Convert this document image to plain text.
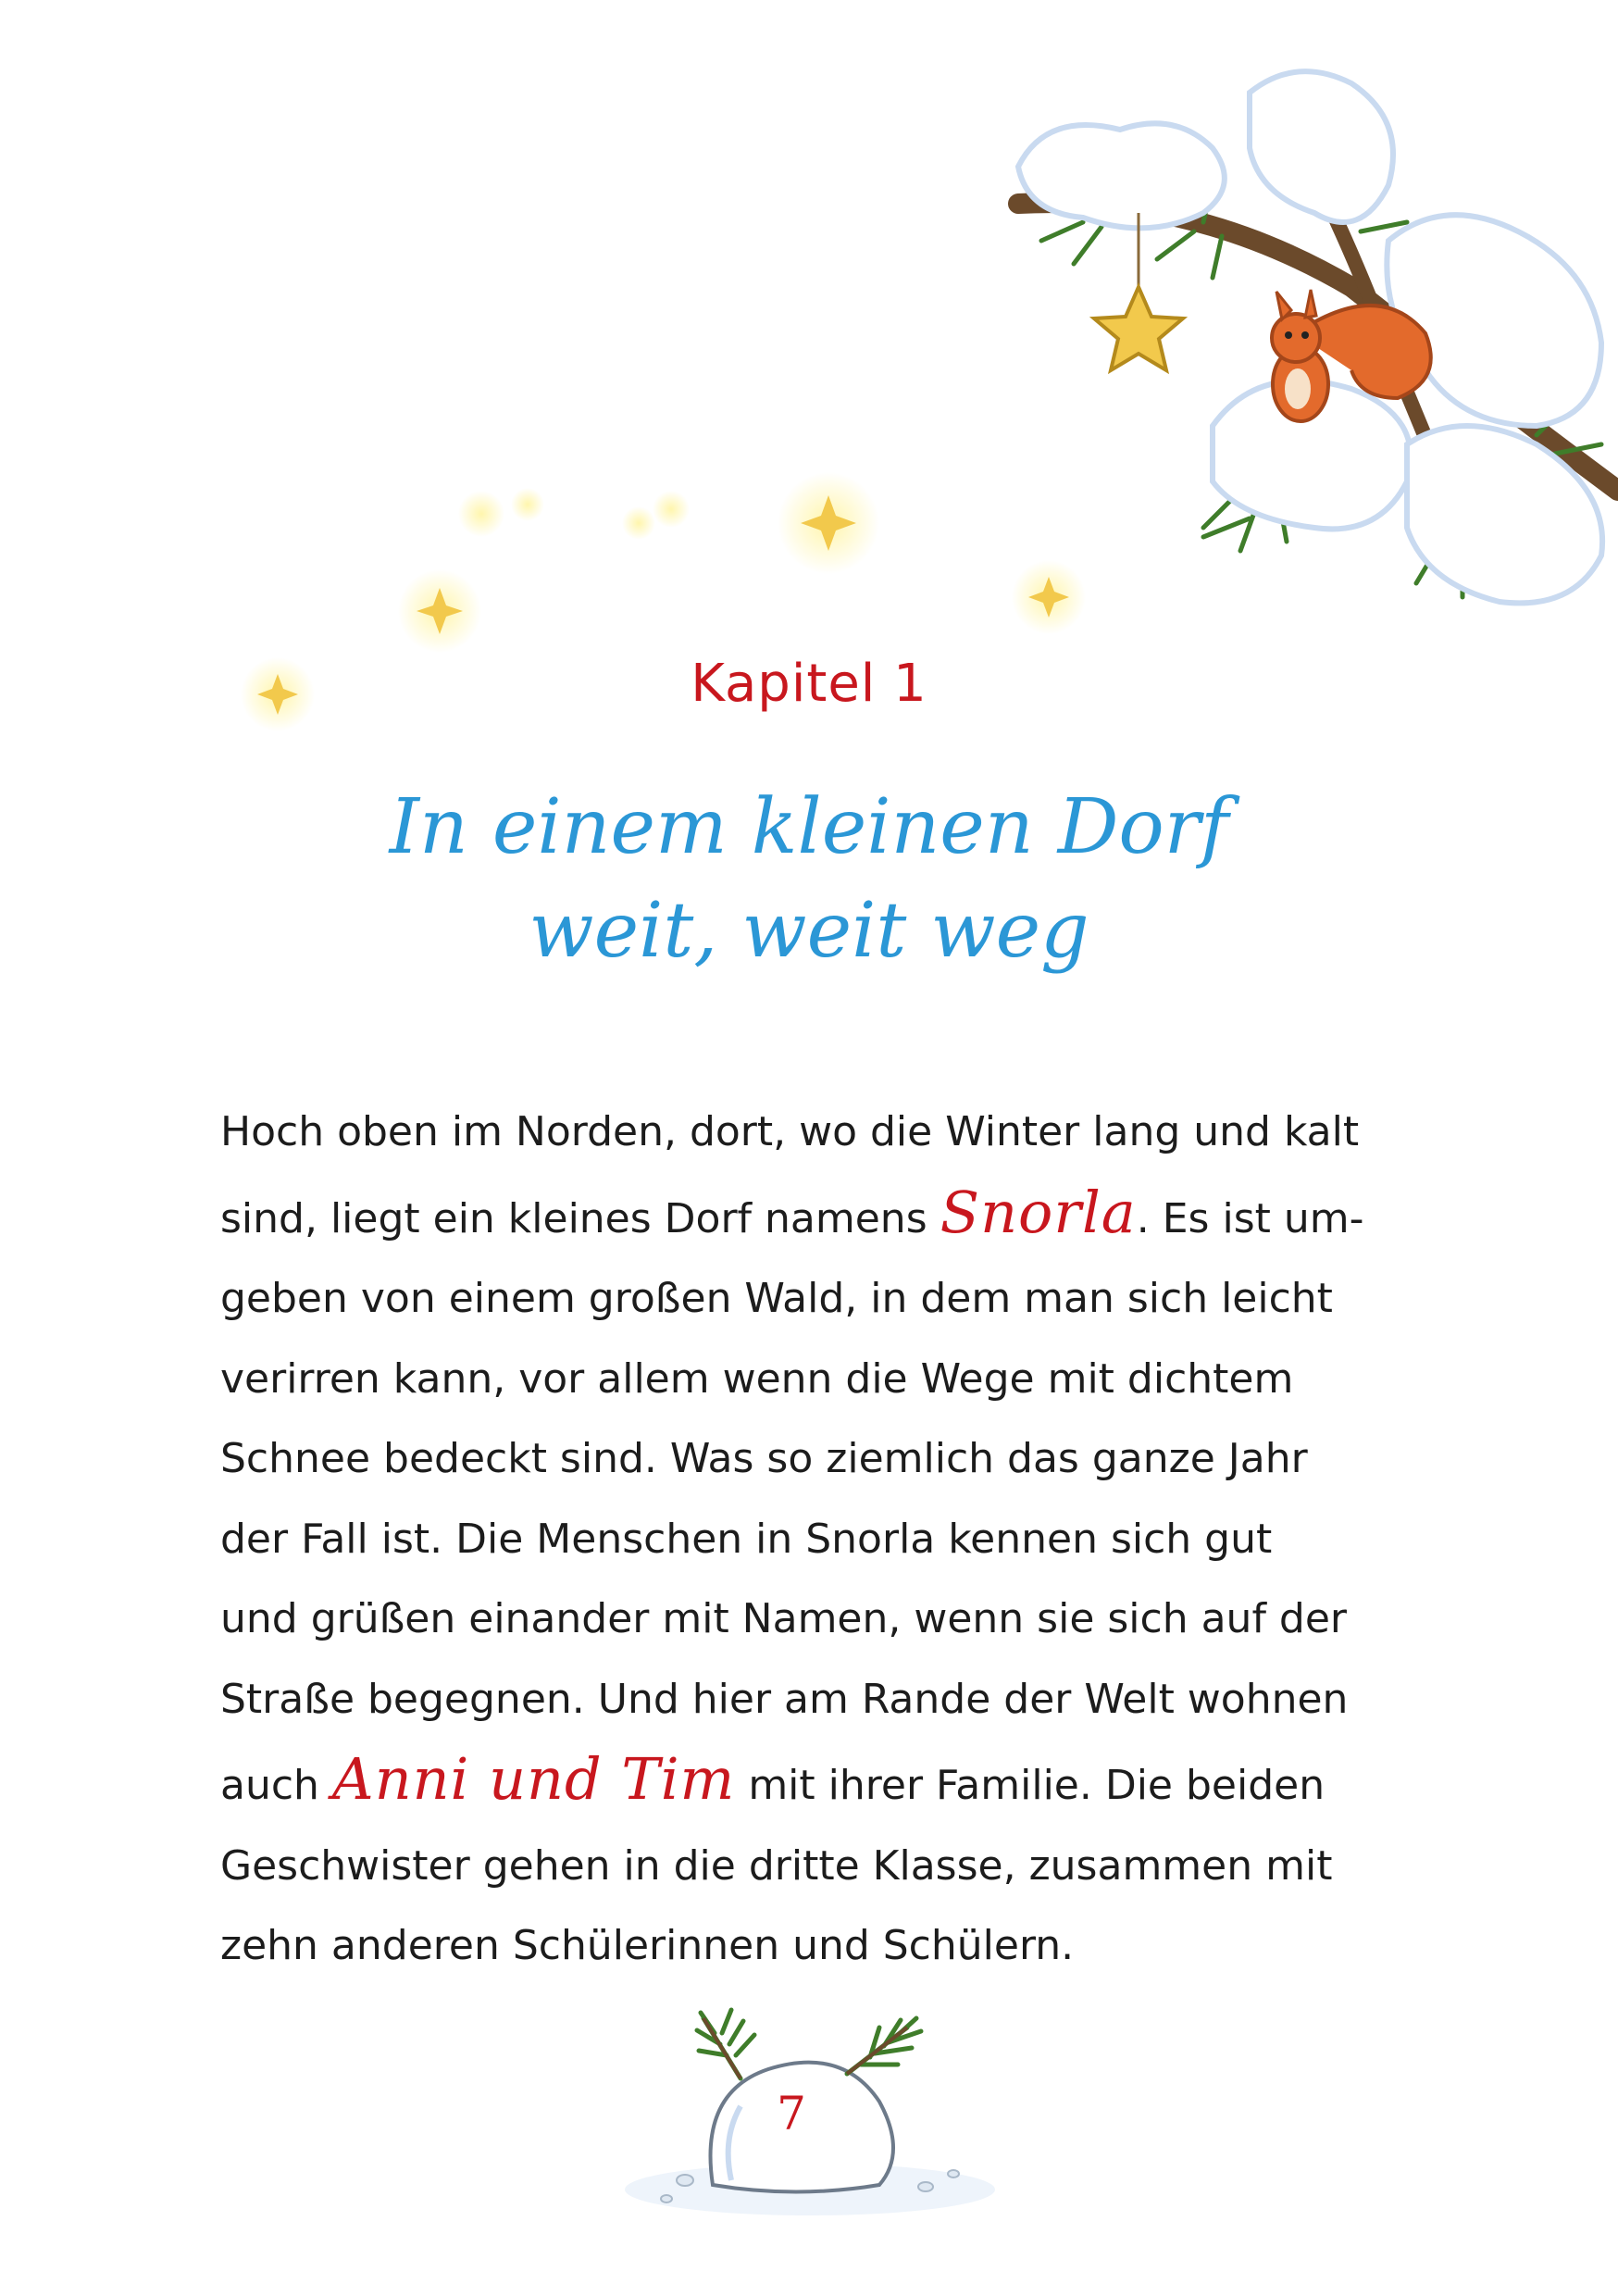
Kapitel 1
In einem kleinen Dorf
weit, weit weg
Hoch oben im Norden, dort, wo die Winter lang und kalt
sind, liegt ein kleines Dorf namens Snorla. Es ist um-
geben von einem großen Wald, in dem man sich leicht
verirren kann, vor allem wenn die Wege mit dichtem
Schnee bedeckt sind. Was so ziemlich das ganze Jahr
der Fall ist. Die Menschen in Snorla kennen sich gut
und grüßen einander mit Namen, wenn sie sich auf der
Straße begegnen. Und hier am Rande der Welt wohnen
auch Anni und Tim mit ihrer Familie. Die beiden
Geschwister gehen in die dritte Klasse, zusammen mit
zehn anderen Schülerinnen und Schülern.
7
